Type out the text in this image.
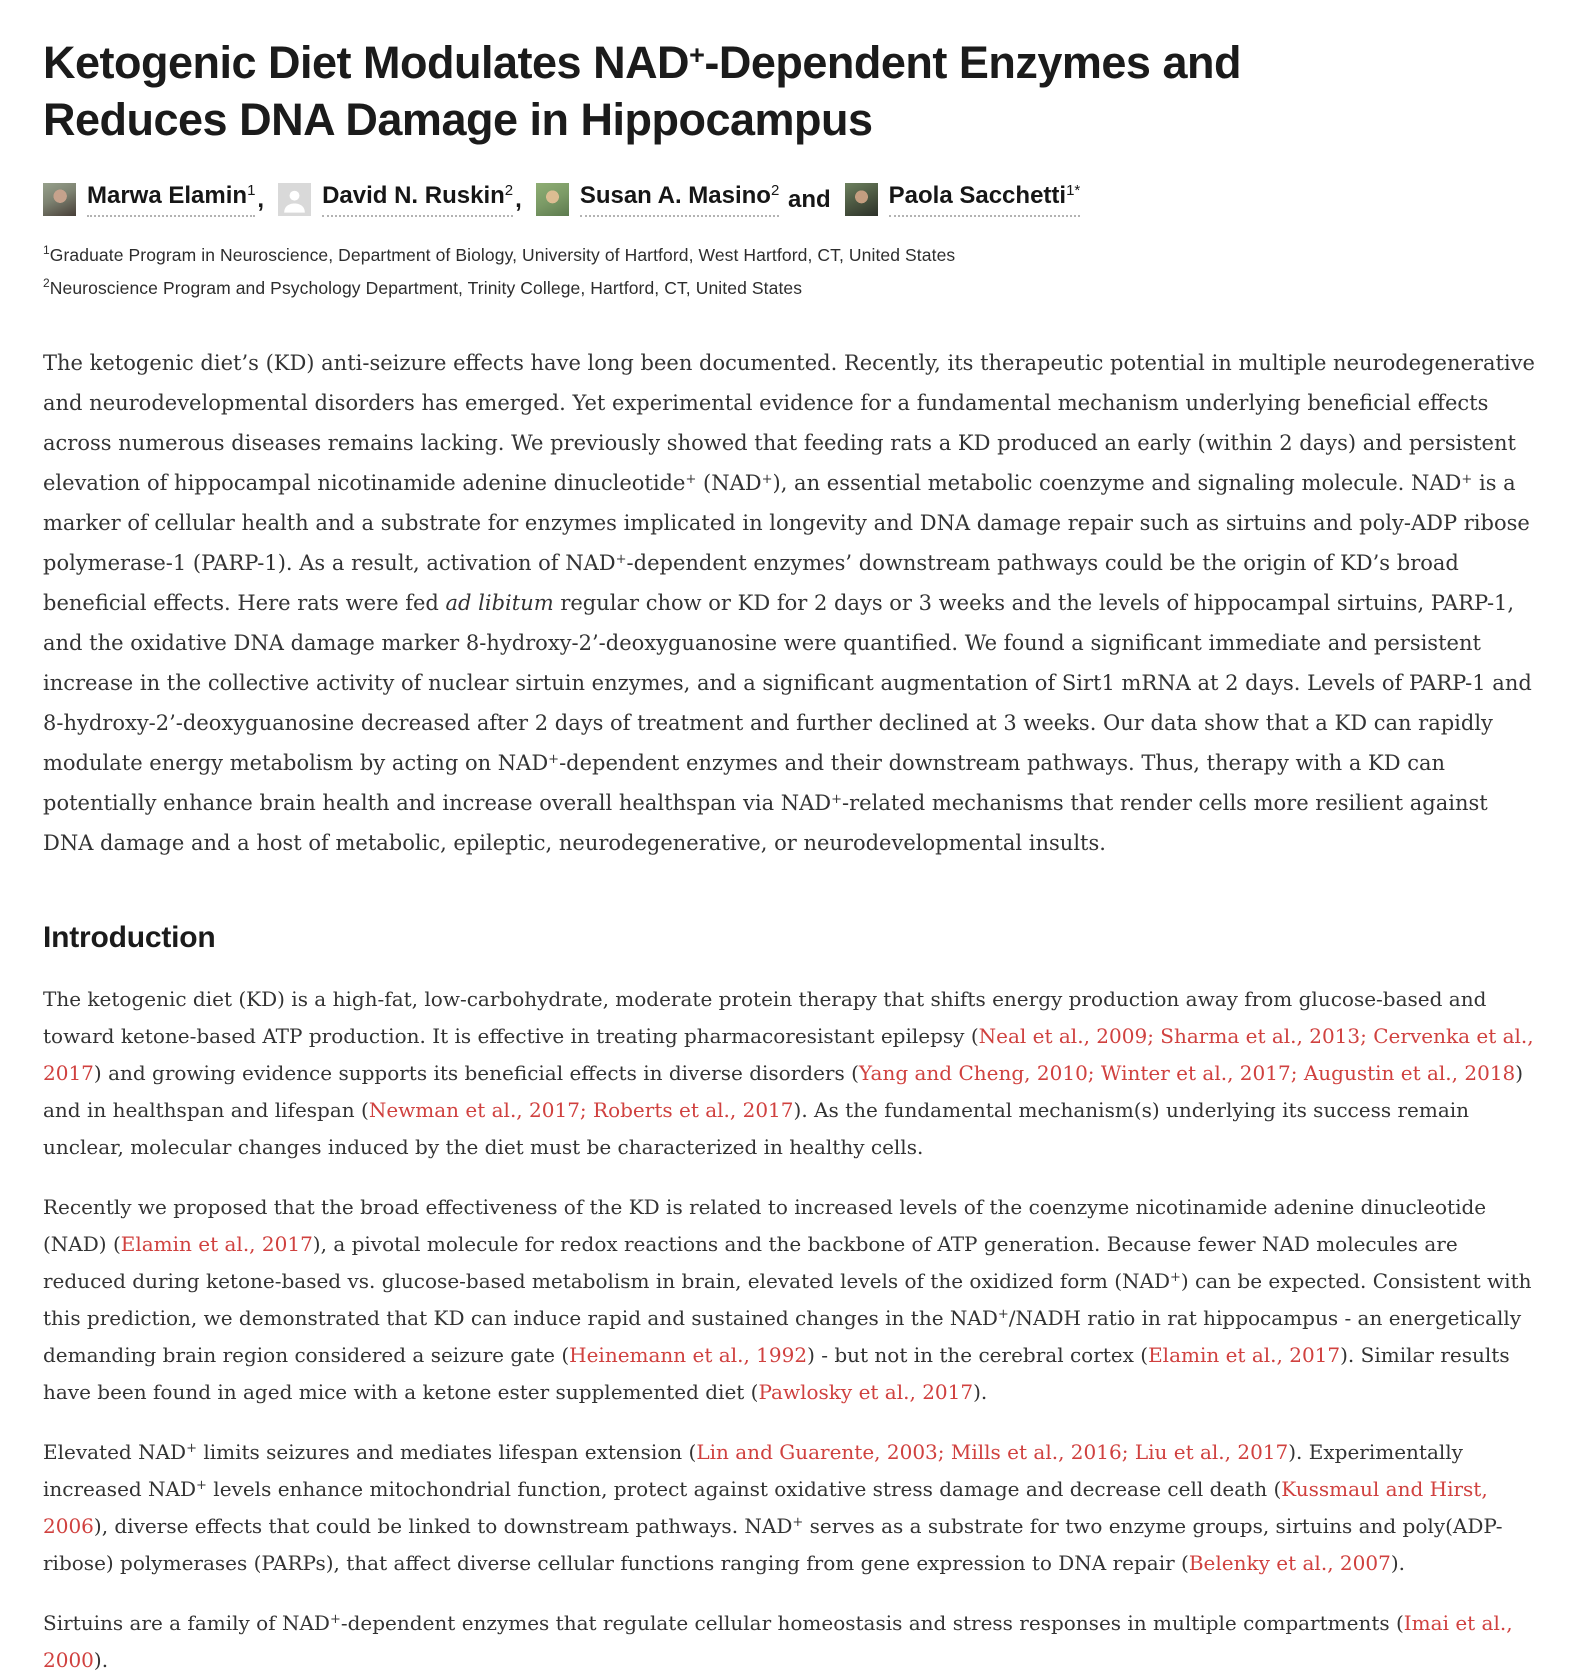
Ketogenic Diet Modulates NAD+-Dependent Enzymes and
Reduces DNA Damage in Hippocampus
Marwa Elamin$^1$ , David N. Ruskin$^2$ , Susan A. Masino$^2$ and Paola Sacchetti$^{1*}$
$^1$Graduate Program in Neuroscience, Department of Biology, University of Hartford, West Hartford, CT, United States
$^2$Neuroscience Program and Psychology Department, Trinity College, Hartford, CT, United States
The ketogenic diet’s (KD) anti-seizure effects have long been documented. Recently, its therapeutic potential in multiple neurodegenerative and neurodevelopmental disorders has emerged. Yet experimental evidence for a fundamental mechanism underlying beneficial effects across numerous diseases remains lacking. We previously showed that feeding rats a KD produced an early (within 2 days) and persistent elevation of hippocampal nicotinamide adenine dinucleotide+ (NAD+), an essential metabolic coenzyme and signaling molecule. NAD+ is a marker of cellular health and a substrate for enzymes implicated in longevity and DNA damage repair such as sirtuins and poly-ADP ribose polymerase-1 (PARP-1). As a result, activation of NAD+-dependent enzymes’ downstream pathways could be the origin of KD’s broad beneficial effects. Here rats were fed ad libitum regular chow or KD for 2 days or 3 weeks and the levels of hippocampal sirtuins, PARP-1, and the oxidative DNA damage marker 8-hydroxy-2’-deoxyguanosine were quantified. We found a significant immediate and persistent increase in the collective activity of nuclear sirtuin enzymes, and a significant augmentation of Sirt1 mRNA at 2 days. Levels of PARP-1 and 8-hydroxy-2’-deoxyguanosine decreased after 2 days of treatment and further declined at 3 weeks. Our data show that a KD can rapidly modulate energy metabolism by acting on NAD+-dependent enzymes and their downstream pathways. Thus, therapy with a KD can potentially enhance brain health and increase overall healthspan via NAD+-related mechanisms that render cells more resilient against DNA damage and a host of metabolic, epileptic, neurodegenerative, or neurodevelopmental insults.
Introduction

The ketogenic diet (KD) is a high-fat, low-carbohydrate, moderate protein therapy that shifts energy production away from glucose-based and toward ketone-based ATP production. It is effective in treating pharmacoresistant epilepsy (Neal et al., 2009; Sharma et al., 2013; Cervenka et al., 2017) and growing evidence supports its beneficial effects in diverse disorders (Yang and Cheng, 2010; Winter et al., 2017; Augustin et al., 2018) and in healthspan and lifespan (Newman et al., 2017; Roberts et al., 2017). As the fundamental mechanism(s) underlying its success remain unclear, molecular changes induced by the diet must be characterized in healthy cells.

Recently we proposed that the broad effectiveness of the KD is related to increased levels of the coenzyme nicotinamide adenine dinucleotide (NAD) (Elamin et al., 2017), a pivotal molecule for redox reactions and the backbone of ATP generation. Because fewer NAD molecules are reduced during ketone-based vs. glucose-based metabolism in brain, elevated levels of the oxidized form (NAD+) can be expected. Consistent with this prediction, we demonstrated that KD can induce rapid and sustained changes in the NAD+/NADH ratio in rat hippocampus - an energetically demanding brain region considered a seizure gate (Heinemann et al., 1992) - but not in the cerebral cortex (Elamin et al., 2017). Similar results have been found in aged mice with a ketone ester supplemented diet (Pawlosky et al., 2017).

Elevated NAD+ limits seizures and mediates lifespan extension (Lin and Guarente, 2003; Mills et al., 2016; Liu et al., 2017). Experimentally increased NAD+ levels enhance mitochondrial function, protect against oxidative stress damage and decrease cell death (Kussmaul and Hirst, 2006), diverse effects that could be linked to downstream pathways. NAD+ serves as a substrate for two enzyme groups, sirtuins and poly(ADP-ribose) polymerases (PARPs), that affect diverse cellular functions ranging from gene expression to DNA repair (Belenky et al., 2007).

Sirtuins are a family of NAD+-dependent enzymes that regulate cellular homeostasis and stress responses in multiple compartments (Imai et al., 2000).
